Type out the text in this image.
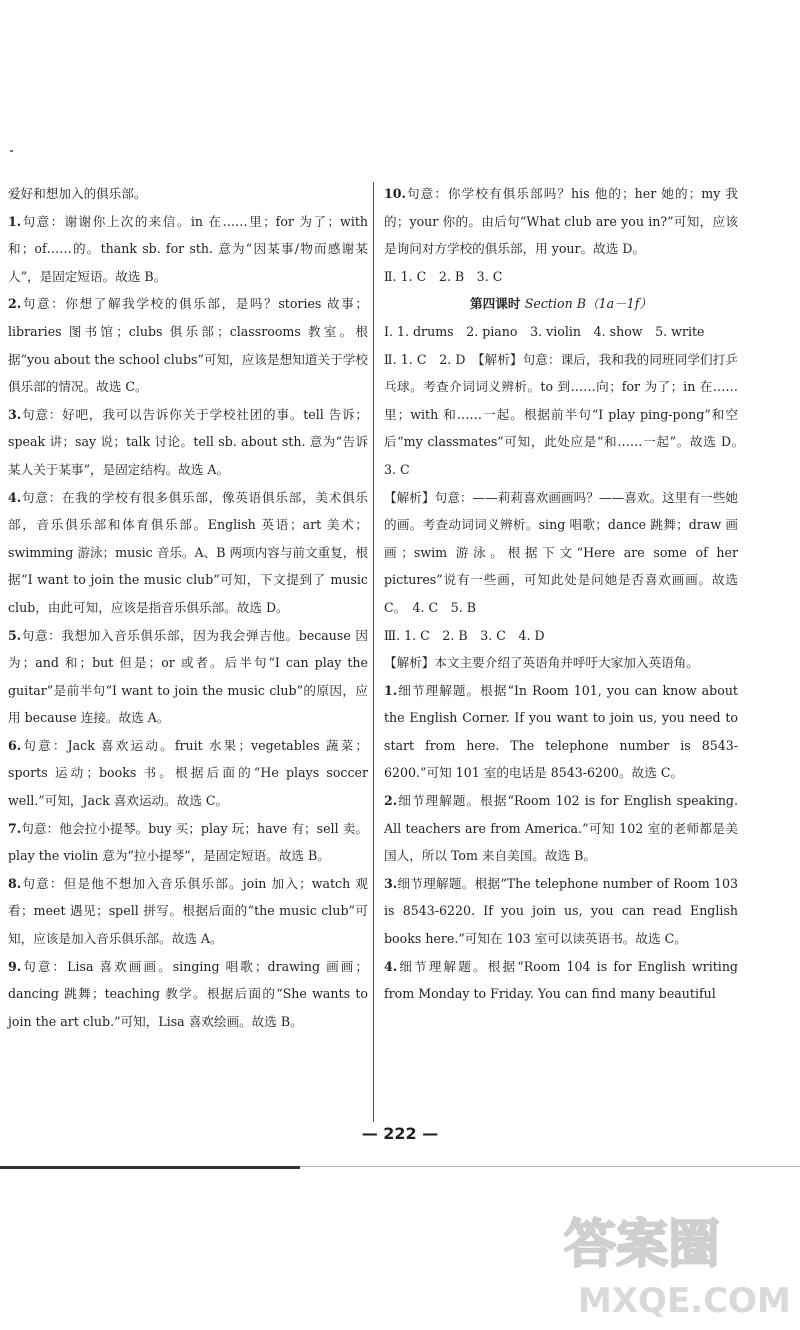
爱好和想加入的俱乐部。

1.句意：谢谢你上次的来信。in 在……里；for 为了；with 和；of……的。thank sb. for sth. 意为“因某事/物而感谢某人”，是固定短语。故选 B。

2.句意：你想了解我学校的俱乐部，是吗？stories 故事；libraries 图书馆；clubs 俱乐部；classrooms 教室。根据“you about the school clubs”可知，应该是想知道关于学校俱乐部的情况。故选 C。

3.句意：好吧，我可以告诉你关于学校社团的事。tell 告诉；speak 讲；say 说；talk 讨论。tell sb. about sth. 意为“告诉某人关于某事”，是固定结构。故选 A。

4.句意：在我的学校有很多俱乐部，像英语俱乐部，美术俱乐部，音乐俱乐部和体育俱乐部。English 英语；art 美术；swimming 游泳；music 音乐。A、B 两项内容与前文重复，根据“I want to join the music club”可知，下文提到了 music club，由此可知，应该是指音乐俱乐部。故选 D。

5.句意：我想加入音乐俱乐部，因为我会弹吉他。because 因为；and 和；but 但是；or 或者。后半句“I can play the guitar”是前半句“I want to join the music club”的原因，应用 because 连接。故选 A。

6.句意：Jack 喜欢运动。fruit 水果；vegetables 蔬菜；sports 运动；books 书。根据后面的“He plays soccer well.”可知，Jack 喜欢运动。故选 C。

7.句意：他会拉小提琴。buy 买；play 玩；have 有；sell 卖。play the violin 意为“拉小提琴”，是固定短语。故选 B。

8.句意：但是他不想加入音乐俱乐部。join 加入；watch 观看；meet 遇见；spell 拼写。根据后面的“the music club”可知，应该是加入音乐俱乐部。故选 A。

9.句意：Lisa 喜欢画画。singing 唱歌；drawing 画画；dancing 跳舞；teaching 教学。根据后面的“She wants to join the art club.”可知，Lisa 喜欢绘画。故选 B。

10.句意：你学校有俱乐部吗？his 他的；her 她的；my 我的；your 你的。由后句“What club are you in?”可知，应该是询问对方学校的俱乐部，用 your。故选 D。

Ⅱ. 1. C　2. B　3. C

第四课时 Section B（1a－1f）

Ⅰ. 1. drums　2. piano　3. violin　4. show　5. write

Ⅱ. 1. C　2. D　【解析】句意：课后，我和我的同班同学们打乒乓球。考查介词词义辨析。to 到……向；for 为了；in 在……里；with 和……一起。根据前半句“I play ping-pong”和空后“my classmates”可知，此处应是“和……一起”。故选 D。　3. C

【解析】句意：——莉莉喜欢画画吗？——喜欢。这里有一些她的画。考查动词词义辨析。sing 唱歌；dance 跳舞；draw 画画；swim 游泳。根据下文“Here are some of her pictures”说有一些画，可知此处是问她是否喜欢画画。故选 C。　4. C　5. B

Ⅲ. 1. C　2. B　3. C　4. D

【解析】本文主要介绍了英语角并呼吁大家加入英语角。

1.细节理解题。根据“In Room 101, you can know about the English Corner. If you want to join us, you need to start from here. The telephone number is 8543-6200.”可知 101 室的电话是 8543-6200。故选 C。

2.细节理解题。根据“Room 102 is for English speaking. All teachers are from America.”可知 102 室的老师都是美国人，所以 Tom 来自美国。故选 B。

3.细节理解题。根据“The telephone number of Room 103 is 8543-6220. If you join us, you can read English books here.”可知在 103 室可以读英语书。故选 C。

4.细节理解题。根据“Room 104 is for English writing from Monday to Friday. You can find many beautiful

— 222 —
答案圈
MXQE.COM
